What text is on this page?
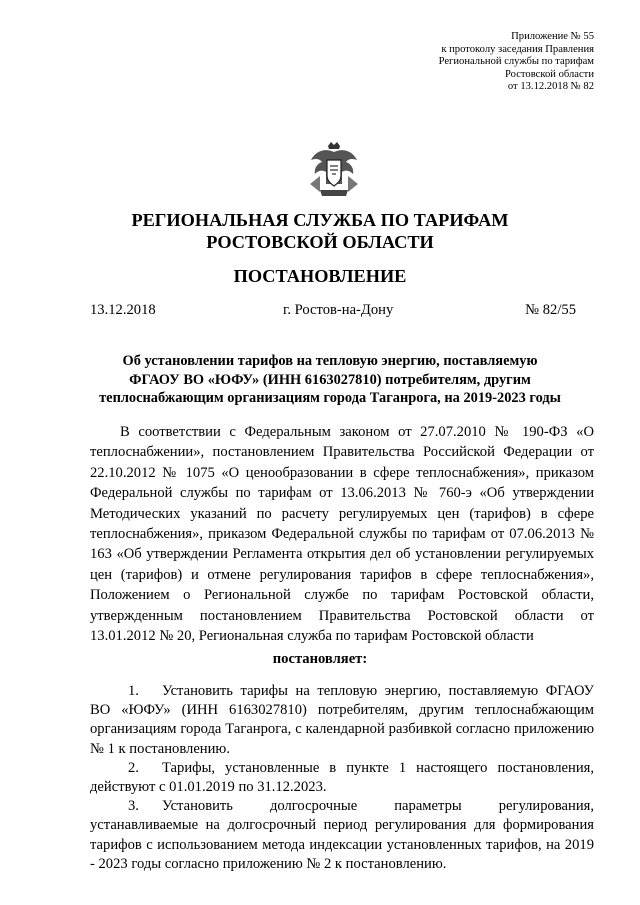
Приложение № 55
к протоколу заседания Правления
Региональной службы по тарифам
Ростовской области
от 13.12.2018 № 82
РЕГИОНАЛЬНАЯ СЛУЖБА ПО ТАРИФАМ
РОСТОВСКОЙ ОБЛАСТИ
ПОСТАНОВЛЕНИЕ
13.12.2018	г. Ростов-на-Дону	№ 82/55
Об установлении тарифов на тепловую энергию, поставляемую
ФГАОУ ВО «ЮФУ» (ИНН 6163027810) потребителям, другим
теплоснабжающим организациям города Таганрога, на 2019-2023 годы
В соответствии с Федеральным законом от 27.07.2010 № 190-ФЗ «О теплоснабжении», постановлением Правительства Российской Федерации от 22.10.2012 № 1075 «О ценообразовании в сфере теплоснабжения», приказом Федеральной службы по тарифам от 13.06.2013 № 760-э «Об утверждении Методических указаний по расчету регулируемых цен (тарифов) в сфере теплоснабжения», приказом Федеральной службы по тарифам от 07.06.2013 № 163 «Об утверждении Регламента открытия дел об установлении регулируемых цен (тарифов) и отмене регулирования тарифов в сфере теплоснабжения», Положением о Региональной службе по тарифам Ростовской области, утвержденным постановлением Правительства Ростовской области от 13.01.2012 № 20, Региональная служба по тарифам Ростовской области
постановляет:
1. Установить тарифы на тепловую энергию, поставляемую ФГАОУ ВО «ЮФУ» (ИНН 6163027810) потребителям, другим теплоснабжающим организациям города Таганрога, с календарной разбивкой согласно приложению № 1 к постановлению.
2. Тарифы, установленные в пункте 1 настоящего постановления, действуют с 01.01.2019 по 31.12.2023.
3. Установить долгосрочные параметры регулирования, устанавливаемые на долгосрочный период регулирования для формирования тарифов с использованием метода индексации установленных тарифов, на 2019 - 2023 годы согласно приложению № 2 к постановлению.
